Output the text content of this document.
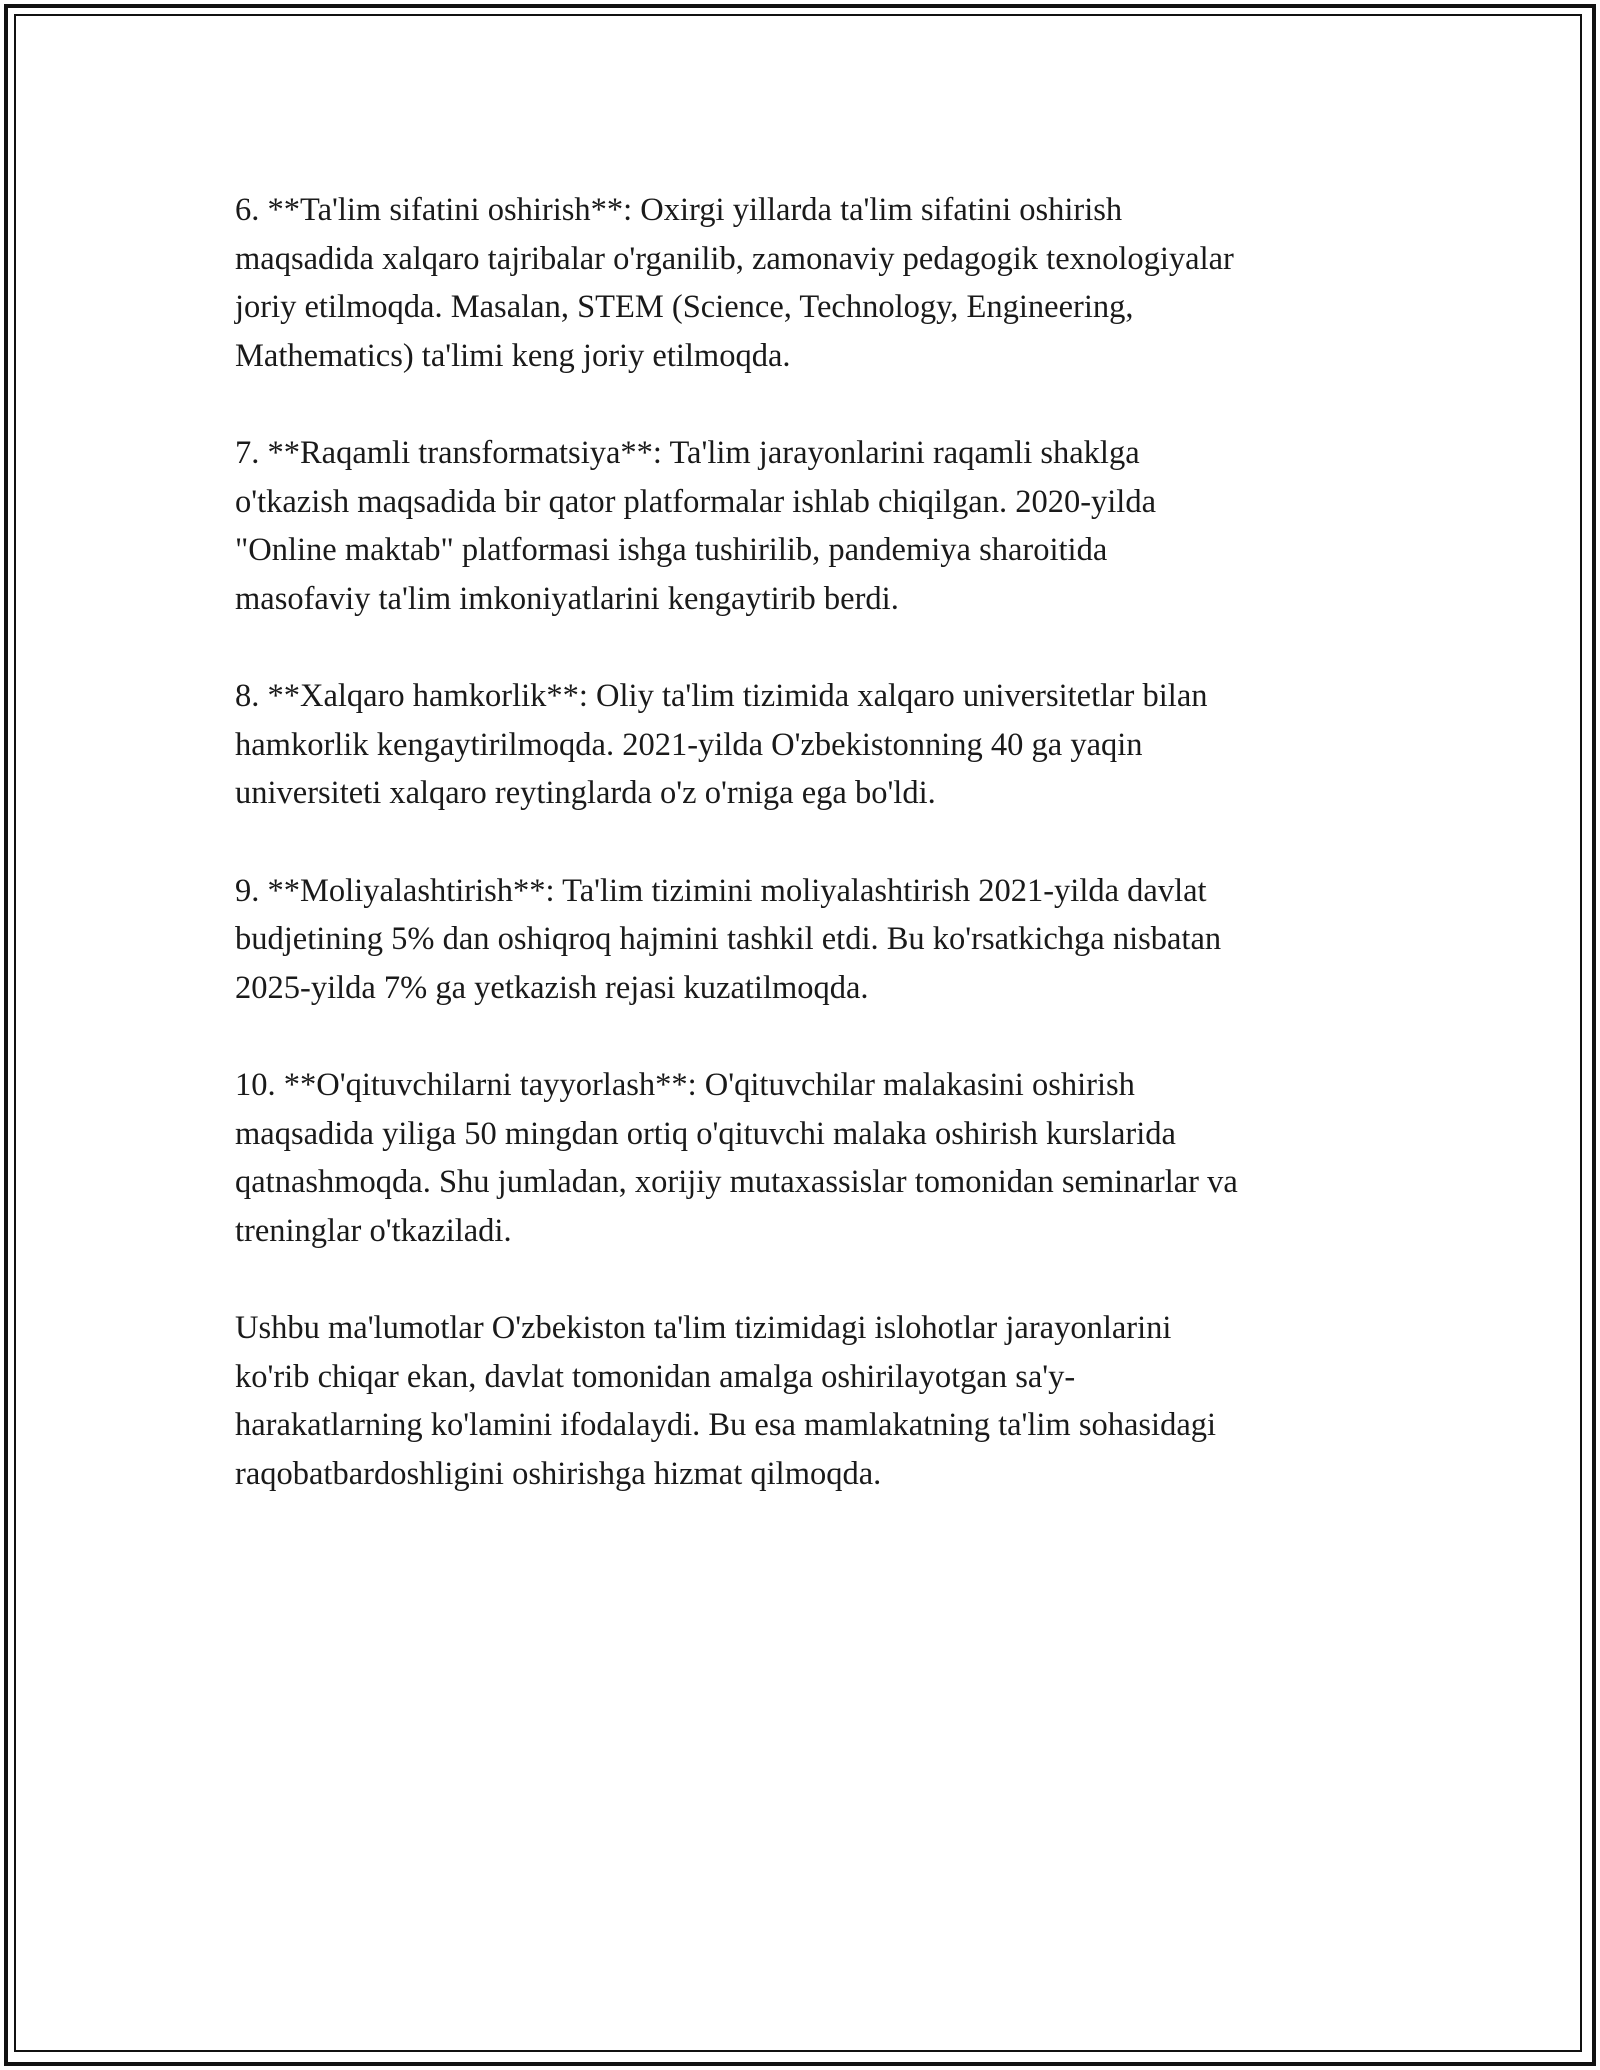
6. **Ta'lim sifatini oshirish**: Oxirgi yillarda ta'lim sifatini oshirish
maqsadida xalqaro tajribalar o'rganilib, zamonaviy pedagogik texnologiyalar
joriy etilmoqda. Masalan, STEM (Science, Technology, Engineering,
Mathematics) ta'limi keng joriy etilmoqda.

7. **Raqamli transformatsiya**: Ta'lim jarayonlarini raqamli shaklga
o'tkazish maqsadida bir qator platformalar ishlab chiqilgan. 2020-yilda
"Online maktab" platformasi ishga tushirilib, pandemiya sharoitida
masofaviy ta'lim imkoniyatlarini kengaytirib berdi.

8. **Xalqaro hamkorlik**: Oliy ta'lim tizimida xalqaro universitetlar bilan
hamkorlik kengaytirilmoqda. 2021-yilda O'zbekistonning 40 ga yaqin
universiteti xalqaro reytinglarda o'z o'rniga ega bo'ldi.

9. **Moliyalashtirish**: Ta'lim tizimini moliyalashtirish 2021-yilda davlat
budjetining 5% dan oshiqroq hajmini tashkil etdi. Bu ko'rsatkichga nisbatan
2025-yilda 7% ga yetkazish rejasi kuzatilmoqda.

10. **O'qituvchilarni tayyorlash**: O'qituvchilar malakasini oshirish
maqsadida yiliga 50 mingdan ortiq o'qituvchi malaka oshirish kurslarida
qatnashmoqda. Shu jumladan, xorijiy mutaxassislar tomonidan seminarlar va
treninglar o'tkaziladi.

Ushbu ma'lumotlar O'zbekiston ta'lim tizimidagi islohotlar jarayonlarini
ko'rib chiqar ekan, davlat tomonidan amalga oshirilayotgan sa'y-
harakatlarning ko'lamini ifodalaydi. Bu esa mamlakatning ta'lim sohasidagi
raqobatbardoshligini oshirishga hizmat qilmoqda.
